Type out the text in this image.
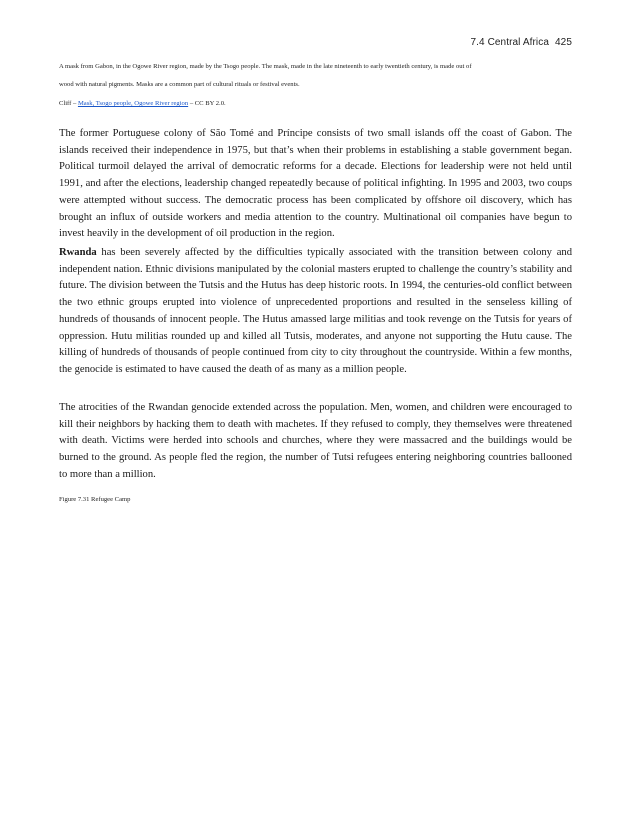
7.4 Central Africa 425
A mask from Gabon, in the Ogowe River region, made by the Tsogo people. The mask, made in the late nineteenth to early twentieth century, is made out of wood with natural pigments. Masks are a common part of cultural rituals or festival events.
Cliff – Mask, Tsogo people, Ogowe River region – CC BY 2.0.

The former Portuguese colony of São Tomé and Príncipe consists of two small islands off the coast of Gabon. The islands received their independence in 1975, but that’s when their problems in establishing a stable government began. Political turmoil delayed the arrival of democratic reforms for a decade. Elections for leadership were not held until 1991, and after the elections, leadership changed repeatedly because of political infighting. In 1995 and 2003, two coups were attempted without success. The democratic process has been complicated by offshore oil discovery, which has brought an influx of outside workers and media attention to the country. Multinational oil companies have begun to invest heavily in the development of oil production in the region.

Rwanda has been severely affected by the difficulties typically associated with the transition between colony and independent nation. Ethnic divisions manipulated by the colonial masters erupted to challenge the country’s stability and future. The division between the Tutsis and the Hutus has deep historic roots. In 1994, the centuries-old conflict between the two ethnic groups erupted into violence of unprecedented proportions and resulted in the senseless killing of hundreds of thousands of innocent people. The Hutus amassed large militias and took revenge on the Tutsis for years of oppression. Hutu militias rounded up and killed all Tutsis, moderates, and anyone not supporting the Hutu cause. The killing of hundreds of thousands of people continued from city to city throughout the countryside. Within a few months, the genocide is estimated to have caused the death of as many as a million people.

The atrocities of the Rwandan genocide extended across the population. Men, women, and children were encouraged to kill their neighbors by hacking them to death with machetes. If they refused to comply, they themselves were threatened with death. Victims were herded into schools and churches, where they were massacred and the buildings would be burned to the ground. As people fled the region, the number of Tutsi refugees entering neighboring countries ballooned to more than a million.

Figure 7.31 Refugee Camp
